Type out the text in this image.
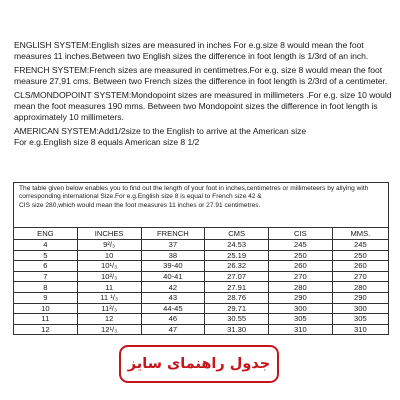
ENGLISH SYSTEM:English sizes are measured in inches For e.g.size 8 would mean the foot measures 11 inches.Between two English sizes the difference in foot length is 1/3rd of an inch.

FRENCH SYSTEM:French sizes are measured in centimetres.For e.g. size 8 would mean the foot measure 27,91 cms. Between two French sizes the difference in foot length is 2/3rd of a centimeter.

CLS/MONDOPOINT SYSTEM:Mondopoint sizes are measured in millimeters .For e.g. size 10 would mean the foot measures 190 mms. Between two Mondopoint sizes the difference in foot length is approximately 10 millimeters.

AMERICAN SYSTEM:Add1/2size to the English to arrive at the American size

For e.g.English size 8 equals American size 8 1/2

The table given below enables you to find out the length of your foot in inches,centimetres or millimeteers by allying with corresponding international Size.For e.g.English size 8 is equal to French size 42 &

CIS size 280,which would mean the foot measures 11 inches or 27.91 centimetres.

ENG	INCHES	FRENCH	CMS	CIS	MMS.
4	9²/₃	37	24.53	245	245
5	10	38	25.19	250	250
6	10¹/₃	39-40	26.32	260	260
7	10²/₃	40-41	27.07	270	270
8	11	42	27.91	280	280
9	11 ¹/₃	43	28.76	290	290
10	11²/₃	44-45	29.71	300	300
11	12	46	30.55	305	305
12	12¹/₃	47	31.30	310	310
جدول راهنمای سایز
